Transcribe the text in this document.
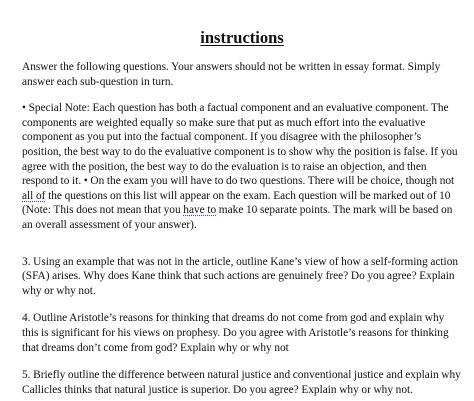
instructions

Answer the following questions. Your answers should not be written in essay format. Simply answer each sub-question in turn.

• Special Note: Each question has both a factual component and an evaluative component. The components are weighted equally so make sure that put as much effort into the evaluative component as you put into the factual component. If you disagree with the philosopher’s position, the best way to do the evaluative component is to show why the position is false. If you agree with the position, the best way to do the evaluation is to raise an objection, and then respond to it. • On the exam you will have to do two questions. There will be choice, though not all of the questions on this list will appear on the exam. Each question will be marked out of 10 (Note: This does not mean that you have to make 10 separate points. The mark will be based on an overall assessment of your answer).

3. Using an example that was not in the article, outline Kane’s view of how a self-forming action (SFA) arises. Why does Kane think that such actions are genuinely free? Do you agree? Explain why or why not.

4. Outline Aristotle’s reasons for thinking that dreams do not come from god and explain why this is significant for his views on prophesy. Do you agree with Aristotle’s reasons for thinking that dreams don’t come from god? Explain why or why not

5. Briefly outline the difference between natural justice and conventional justice and explain why Callicles thinks that natural justice is superior. Do you agree? Explain why or why not.
